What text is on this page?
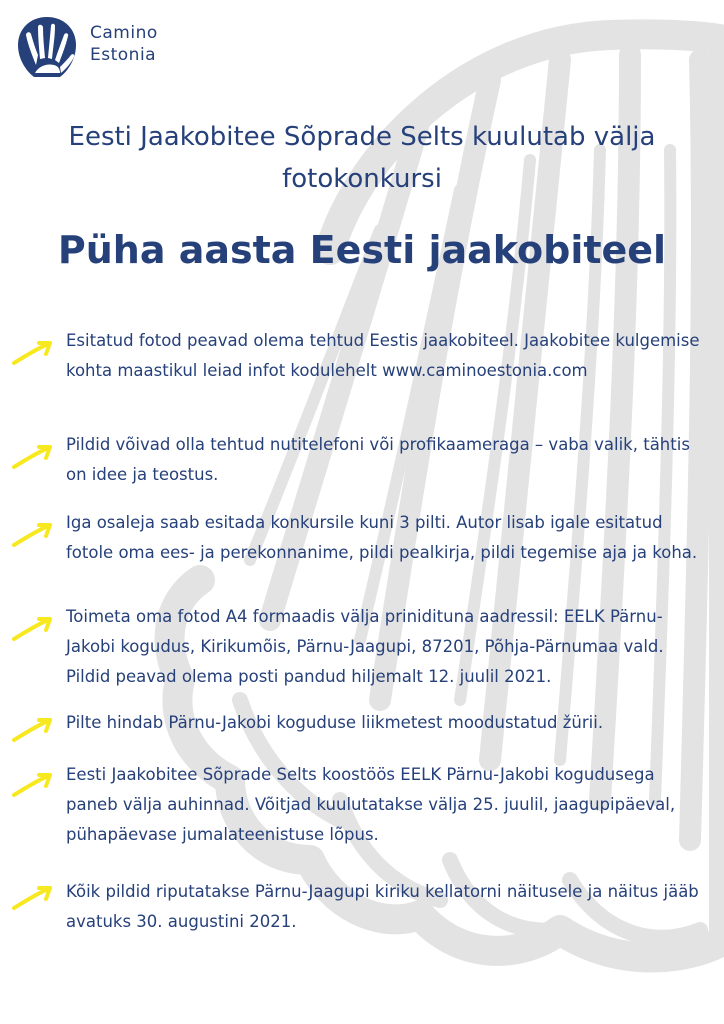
Camino
Estonia
Eesti Jaakobitee Sõprade Selts kuulutab välja fotokonkursi
Püha aasta Eesti jaakobiteel
Esitatud fotod peavad olema tehtud Eestis jaakobiteel. Jaakobitee kulgemise kohta maastikul leiad infot kodulehelt www.caminoestonia.com
Pildid võivad olla tehtud nutitelefoni või profikaameraga – vaba valik, tähtis on idee ja teostus.
Iga osaleja saab esitada konkursile kuni 3 pilti. Autor lisab igale esitatud fotole oma ees- ja perekonnanime, pildi pealkirja, pildi tegemise aja ja koha.
Toimeta oma fotod A4 formaadis välja prinidituna aadressil: EELK Pärnu-Jakobi kogudus, Kirikumõis, Pärnu-Jaagupi, 87201, Põhja-Pärnumaa vald. Pildid peavad olema posti pandud hiljemalt 12. juulil 2021.
Pilte hindab Pärnu-Jakobi koguduse liikmetest moodustatud žürii.
Eesti Jaakobitee Sõprade Selts koostöös EELK Pärnu-Jakobi kogudusega paneb välja auhinnad. Võitjad kuulutatakse välja 25. juulil, jaagupipäeval, pühapäevase jumalateenistuse lõpus.
Kõik pildid riputatakse Pärnu-Jaagupi kiriku kellatorni näitusele ja näitus jääb avatuks 30. augustini 2021.
